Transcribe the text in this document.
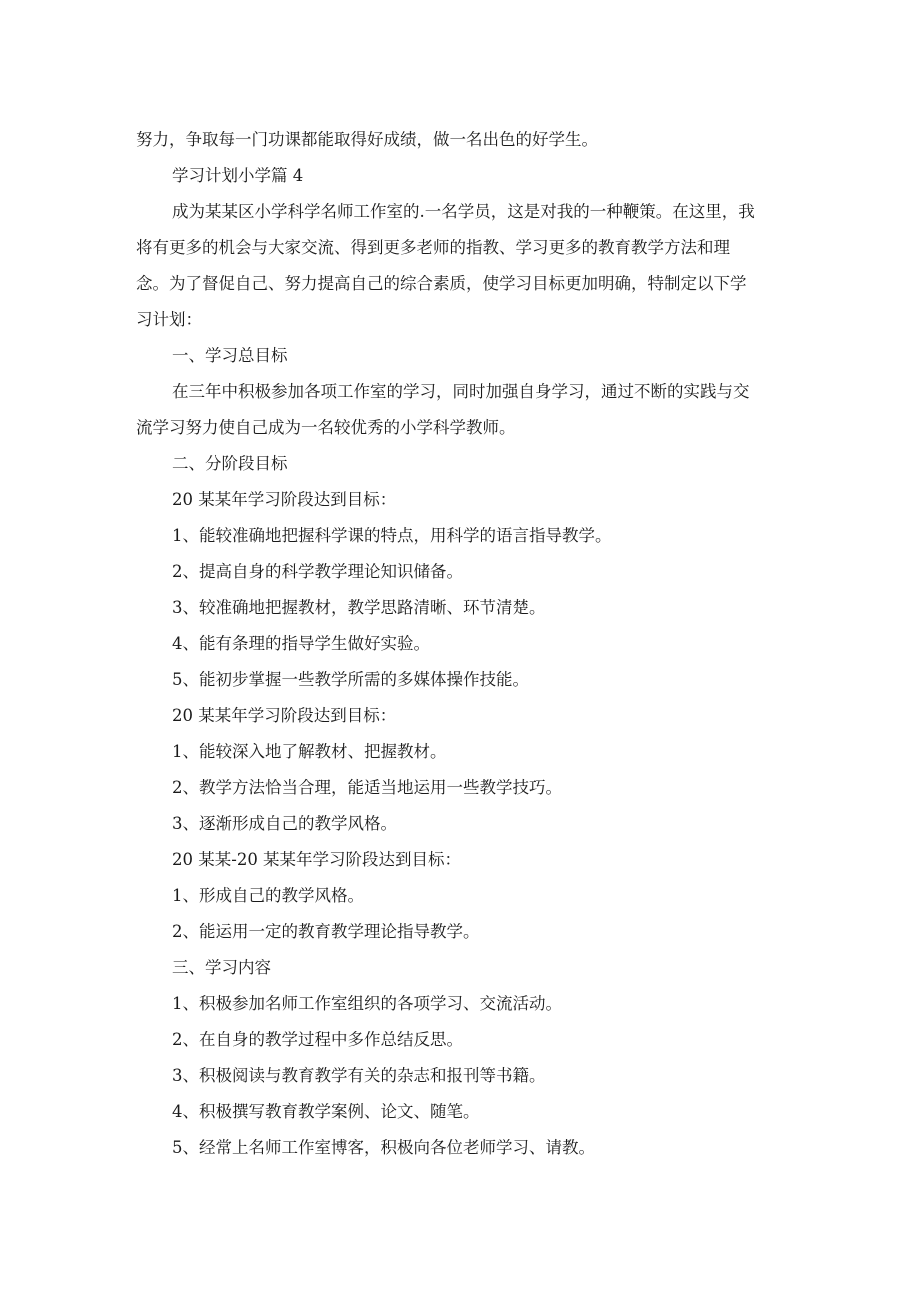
努力，争取每一门功课都能取得好成绩，做一名出色的好学生。
学习计划小学篇 4
成为某某区小学科学名师工作室的.一名学员，这是对我的一种鞭策。在这里，我
将有更多的机会与大家交流、得到更多老师的指教、学习更多的教育教学方法和理
念。为了督促自己、努力提高自己的综合素质，使学习目标更加明确，特制定以下学
习计划：
一、学习总目标
在三年中积极参加各项工作室的学习，同时加强自身学习，通过不断的实践与交
流学习努力使自己成为一名较优秀的小学科学教师。
二、分阶段目标
20 某某年学习阶段达到目标：
1、能较准确地把握科学课的特点，用科学的语言指导教学。
2、提高自身的科学教学理论知识储备。
3、较准确地把握教材，教学思路清晰、环节清楚。
4、能有条理的指导学生做好实验。
5、能初步掌握一些教学所需的多媒体操作技能。
20 某某年学习阶段达到目标：
1、能较深入地了解教材、把握教材。
2、教学方法恰当合理，能适当地运用一些教学技巧。
3、逐渐形成自己的教学风格。
20 某某-20 某某年学习阶段达到目标：
1、形成自己的教学风格。
2、能运用一定的教育教学理论指导教学。
三、学习内容
1、积极参加名师工作室组织的各项学习、交流活动。
2、在自身的教学过程中多作总结反思。
3、积极阅读与教育教学有关的杂志和报刊等书籍。
4、积极撰写教育教学案例、论文、随笔。
5、经常上名师工作室博客，积极向各位老师学习、请教。
